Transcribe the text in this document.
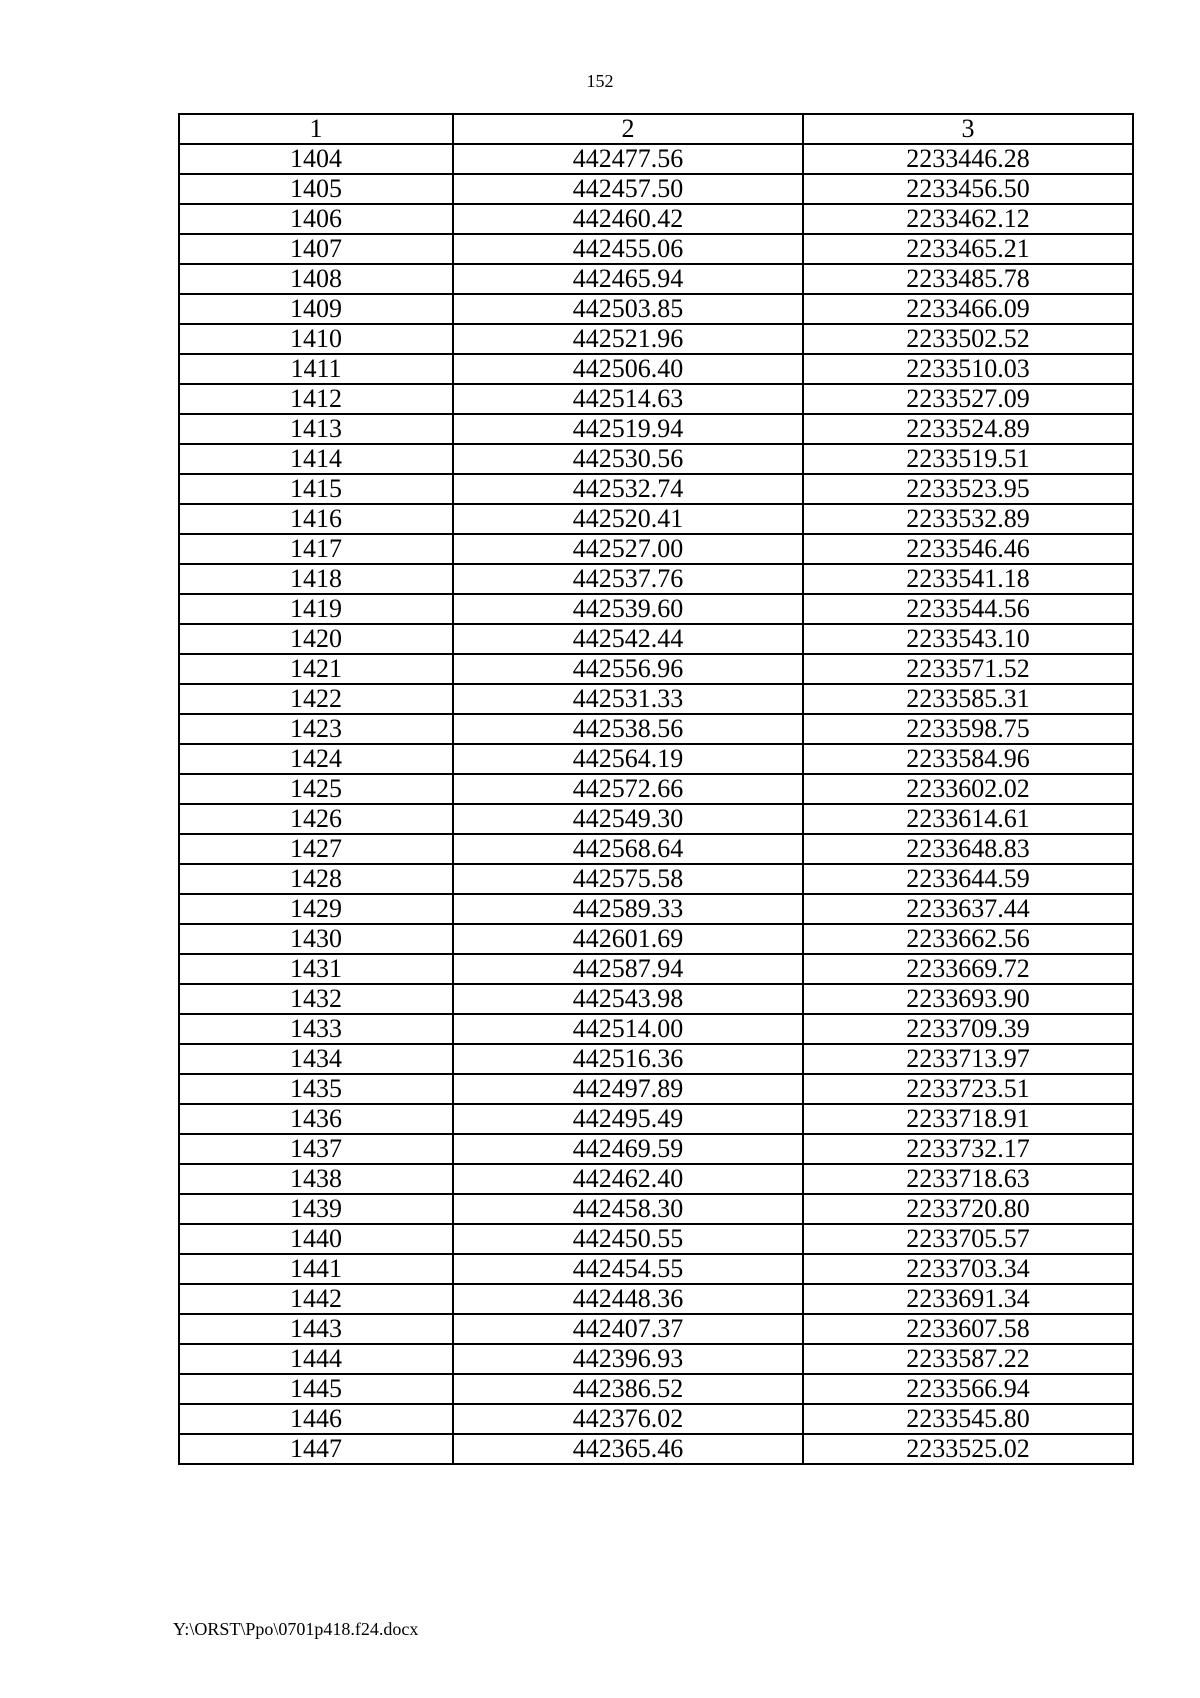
152
1	2	3
1404	442477.56	2233446.28
1405	442457.50	2233456.50
1406	442460.42	2233462.12
1407	442455.06	2233465.21
1408	442465.94	2233485.78
1409	442503.85	2233466.09
1410	442521.96	2233502.52
1411	442506.40	2233510.03
1412	442514.63	2233527.09
1413	442519.94	2233524.89
1414	442530.56	2233519.51
1415	442532.74	2233523.95
1416	442520.41	2233532.89
1417	442527.00	2233546.46
1418	442537.76	2233541.18
1419	442539.60	2233544.56
1420	442542.44	2233543.10
1421	442556.96	2233571.52
1422	442531.33	2233585.31
1423	442538.56	2233598.75
1424	442564.19	2233584.96
1425	442572.66	2233602.02
1426	442549.30	2233614.61
1427	442568.64	2233648.83
1428	442575.58	2233644.59
1429	442589.33	2233637.44
1430	442601.69	2233662.56
1431	442587.94	2233669.72
1432	442543.98	2233693.90
1433	442514.00	2233709.39
1434	442516.36	2233713.97
1435	442497.89	2233723.51
1436	442495.49	2233718.91
1437	442469.59	2233732.17
1438	442462.40	2233718.63
1439	442458.30	2233720.80
1440	442450.55	2233705.57
1441	442454.55	2233703.34
1442	442448.36	2233691.34
1443	442407.37	2233607.58
1444	442396.93	2233587.22
1445	442386.52	2233566.94
1446	442376.02	2233545.80
1447	442365.46	2233525.02
Y:\ORST\Ppo\0701p418.f24.docx
